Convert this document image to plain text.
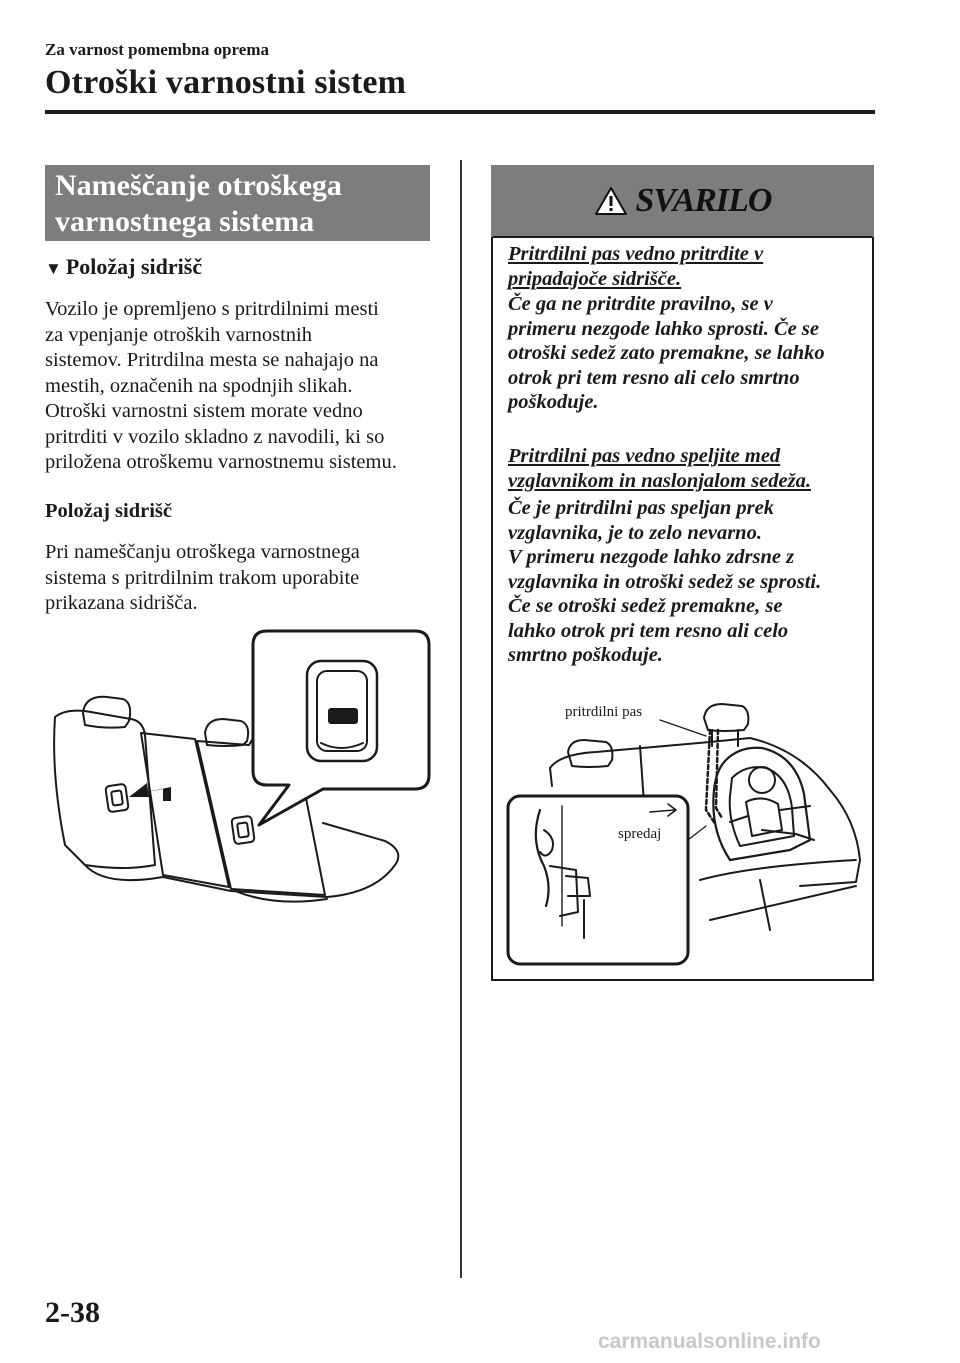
Za varnost pomembna oprema
Otroški varnostni sistem
Nameščanje otroškega
varnostnega sistema
▼ Položaj sidrišč
Vozilo je opremljeno s pritrdilnimi mesti
za vpenjanje otroških varnostnih
sistemov. Pritrdilna mesta se nahajajo na
mestih, označenih na spodnjih slikah.
Otroški varnostni sistem morate vedno
pritrditi v vozilo skladno z navodili, ki so
priložena otroškemu varnostnemu sistemu.
Položaj sidrišč
Pri nameščanju otroškega varnostnega
sistema s pritrdilnim trakom uporabite
prikazana sidrišča.
SVARILO
Pritrdilni pas vedno pritrdite v
pripadajoče sidrišče.
Če ga ne pritrdite pravilno, se v
primeru nezgode lahko sprosti. Če se
otroški sedež zato premakne, se lahko
otrok pri tem resno ali celo smrtno
poškoduje.
Pritrdilni pas vedno speljite med
vzglavnikom in naslonjalom sedeža.
Če je pritrdilni pas speljan prek
vzglavnika, je to zelo nevarno.
V primeru nezgode lahko zdrsne z
vzglavnika in otroški sedež se sprosti.
Če se otroški sedež premakne, se
lahko otrok pri tem resno ali celo
smrtno poškoduje.
pritrdilni pas
spredaj
2-38
carmanualsonline.info
